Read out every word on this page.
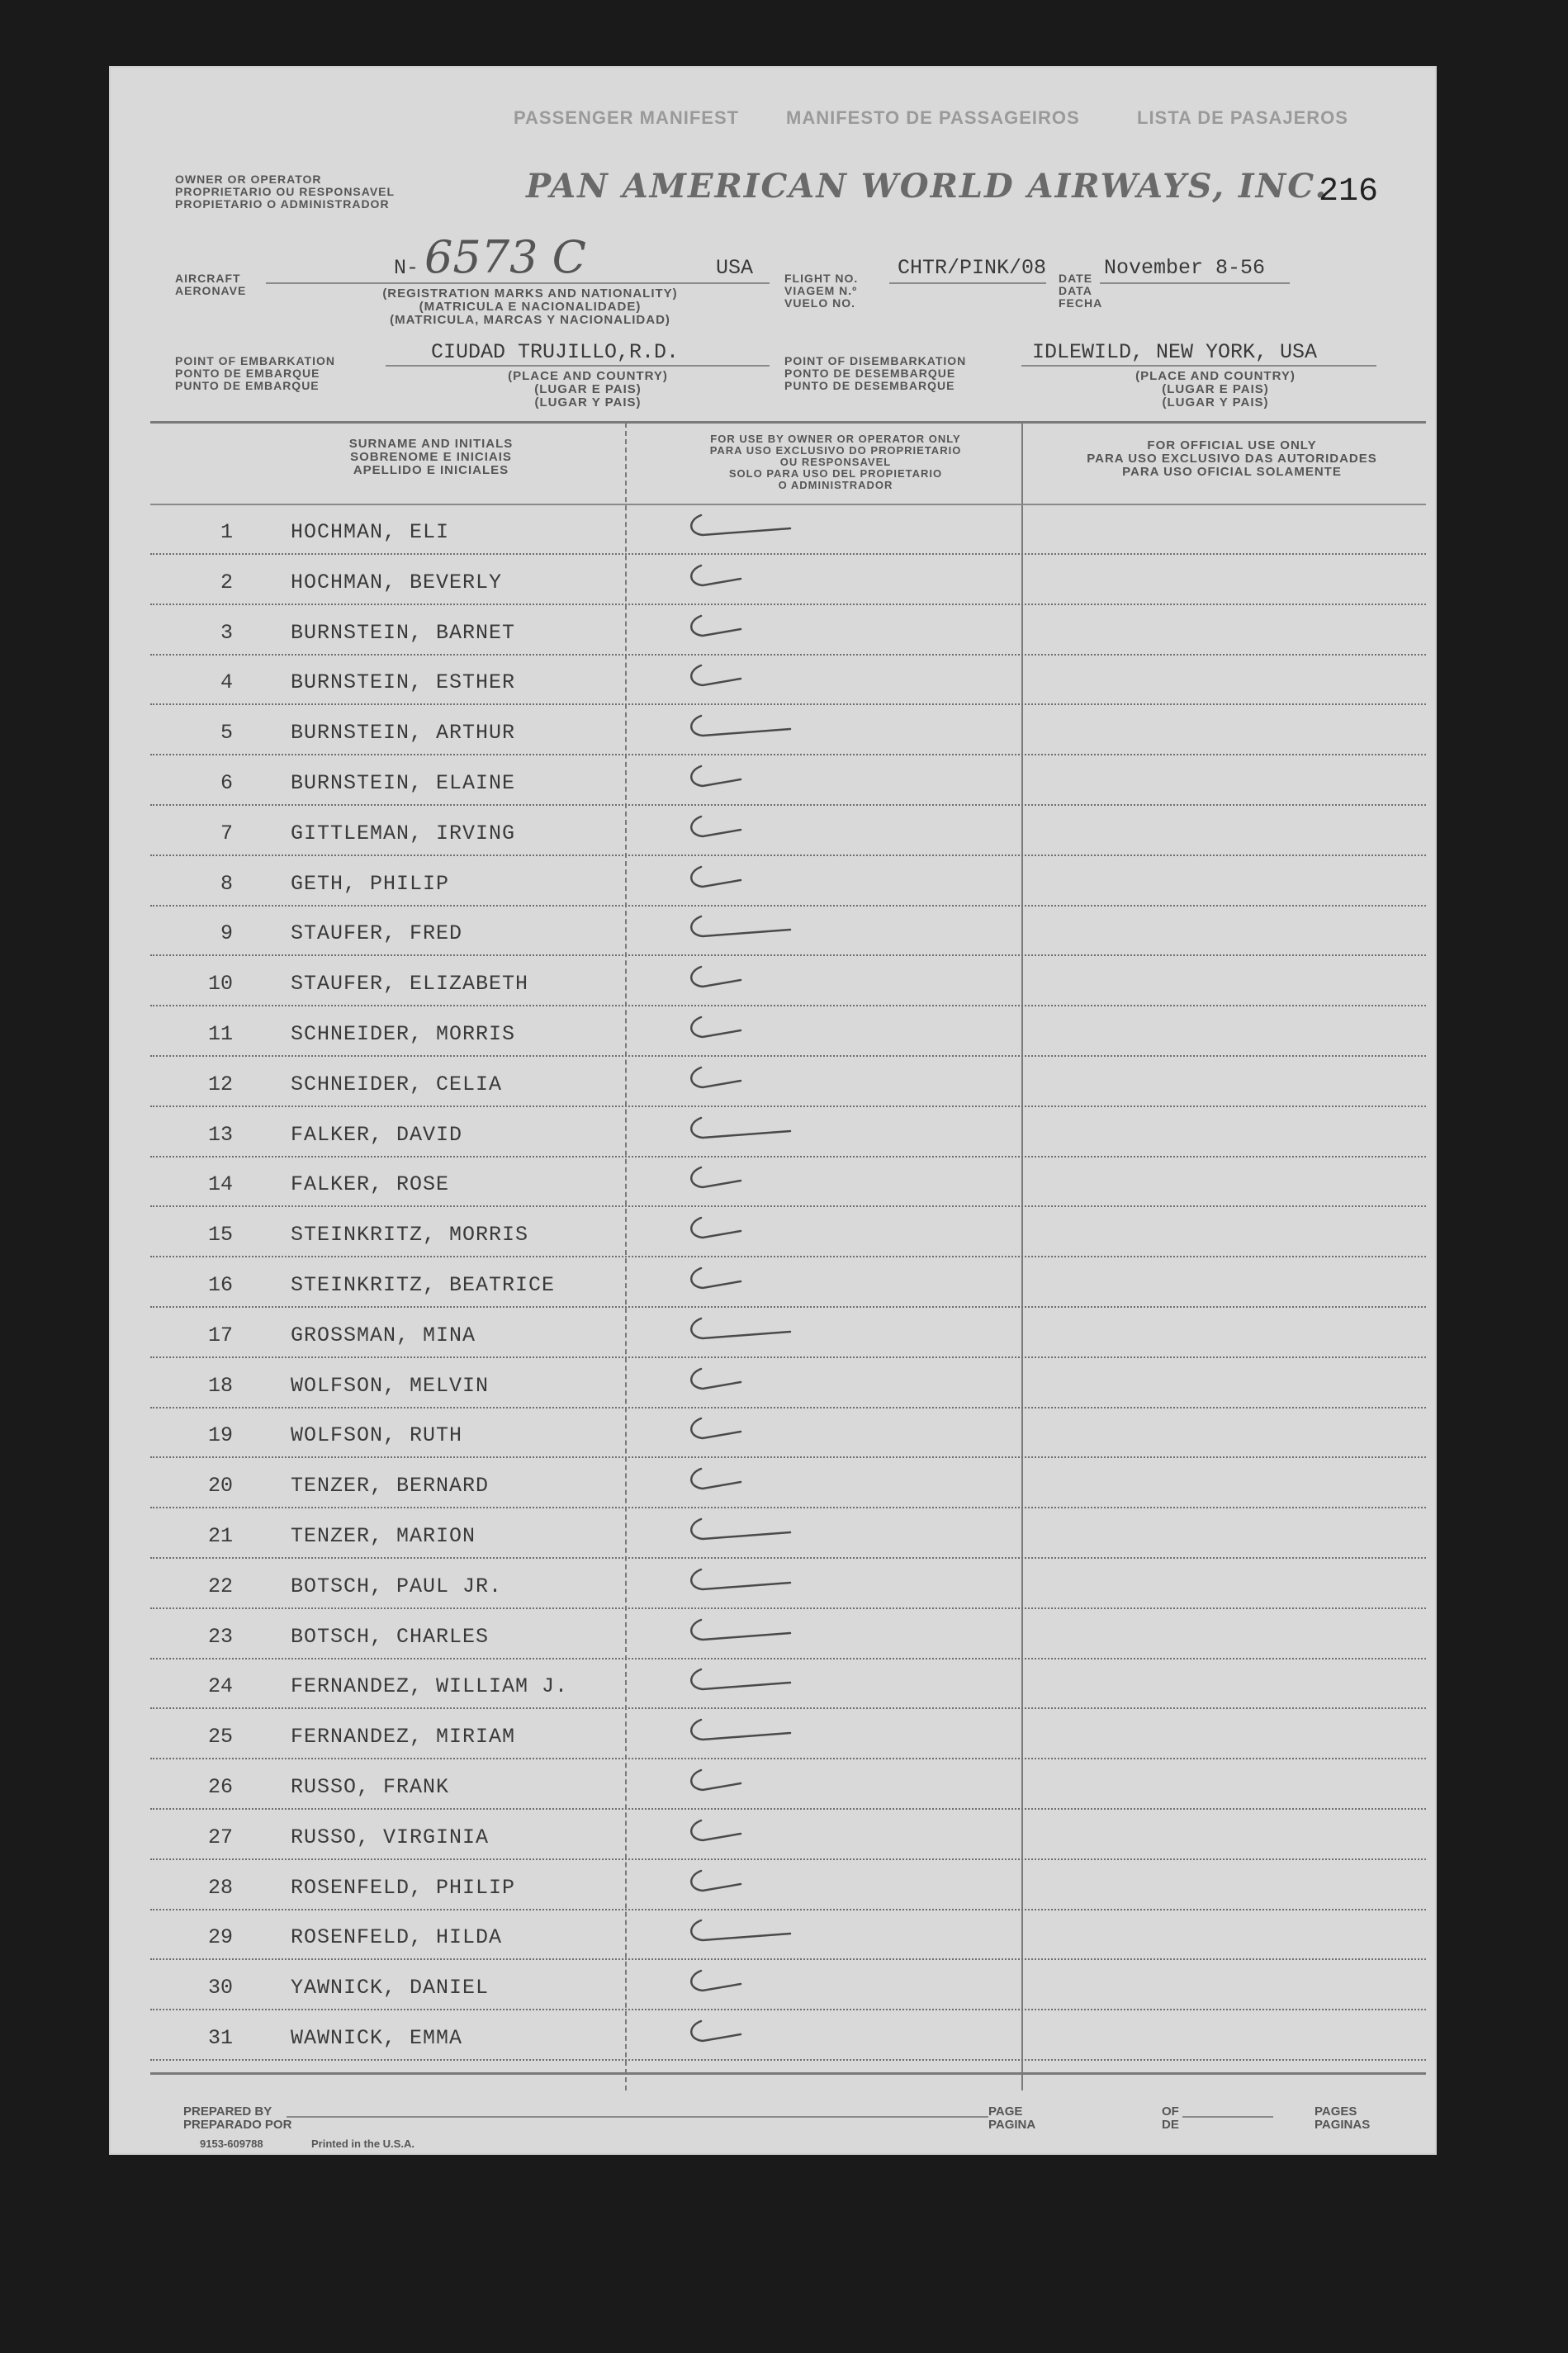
OWNER OR OPERATOR
PROPRIETARIO OU RESPONSAVEL
PROPIETARIO O ADMINISTRADOR
PASSENGER MANIFEST	MANIFESTO DE PASSAGEIROS	LISTA DE PASAJEROS
PAN AMERICAN WORLD AIRWAYS, INC.
216
AIRCRAFT
AERONAVE
N- 6573 C	USA
(REGISTRATION MARKS AND NATIONALITY)
(MATRICULA E NACIONALIDADE)
(MATRICULA, MARCAS Y NACIONALIDAD)
FLIGHT NO.
VIAGEM N.º
VUELO NO.
CHTR/PINK/08 DATE
DATA
FECHA
November 8-56
POINT OF EMBARKATION
PONTO DE EMBARQUE
PUNTO DE EMBARQUE
CIUDAD TRUJILLO,R.D.
(PLACE AND COUNTRY)
(LUGAR E PAIS)
(LUGAR Y PAIS)
POINT OF DISEMBARKATION
PONTO DE DESEMBARQUE
PUNTO DE DESEMBARQUE
IDLEWILD, NEW YORK, USA
(PLACE AND COUNTRY)
(LUGAR E PAIS)
(LUGAR Y PAIS)
SURNAME AND INITIALS
SOBRENOME E INICIAIS
APELLIDO E INICIALES
FOR USE BY OWNER OR OPERATOR ONLY
PARA USO EXCLUSIVO DO PROPRIETARIO
OU RESPONSAVEL
SOLO PARA USO DEL PROPIETARIO
O ADMINISTRADOR
FOR OFFICIAL USE ONLY
PARA USO EXCLUSIVO DAS AUTORIDADES
PARA USO OFICIAL SOLAMENTE
1	HOCHMAN, ELI
2	HOCHMAN, BEVERLY
3	BURNSTEIN, BARNET
4	BURNSTEIN, ESTHER
5	BURNSTEIN, ARTHUR
6	BURNSTEIN, ELAINE
7	GITTLEMAN, IRVING
8	GETH, PHILIP
9	STAUFER, FRED
10	STAUFER, ELIZABETH
11	SCHNEIDER, MORRIS
12	SCHNEIDER, CELIA
13	FALKER, DAVID
14	FALKER, ROSE
15	STEINKRITZ, MORRIS
16	STEINKRITZ, BEATRICE
17	GROSSMAN, MINA
18	WOLFSON, MELVIN
19	WOLFSON, RUTH
20	TENZER, BERNARD
21	TENZER, MARION
22	BOTSCH, PAUL JR.
23	BOTSCH, CHARLES
24	FERNANDEZ, WILLIAM J.
25	FERNANDEZ, MIRIAM
26	RUSSO, FRANK
27	RUSSO, VIRGINIA
28	ROSENFELD, PHILIP
29	ROSENFELD, HILDA
30	YAWNICK, DANIEL
31	WAWNICK, EMMA
PREPARED BY
PREPARADO POR
9153-609788	Printed in the U.S.A.
PAGE
PAGINA
OF
DE
PAGES
PAGINAS
